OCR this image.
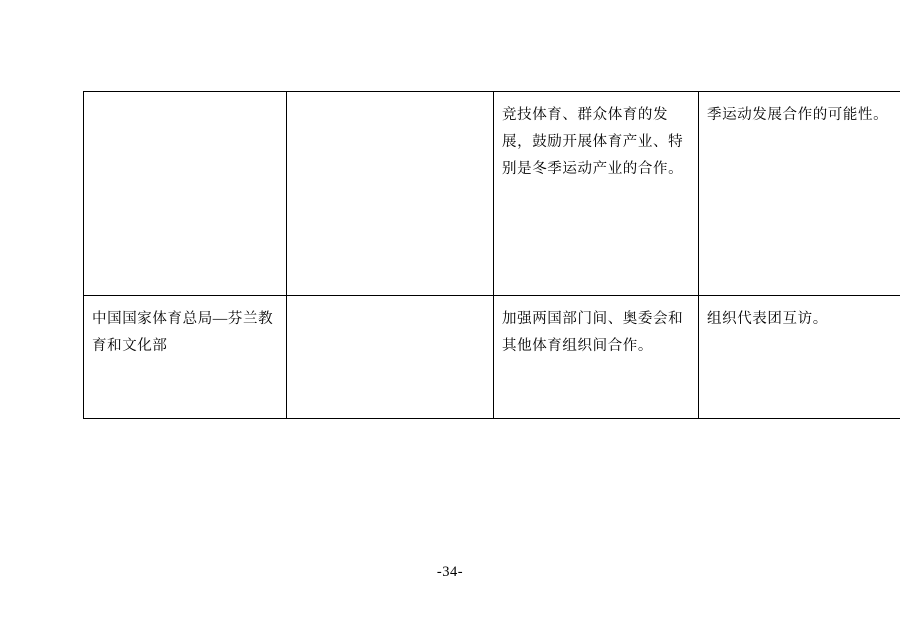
		竞技体育、群众体育的发展，鼓励开展体育产业、特别是冬季运动产业的合作。	季运动发展合作的可能性。

中国国家体育总局—芬兰教育和文化部		加强两国部门间、奥委会和其他体育组织间合作。	组织代表团互访。
-34-
